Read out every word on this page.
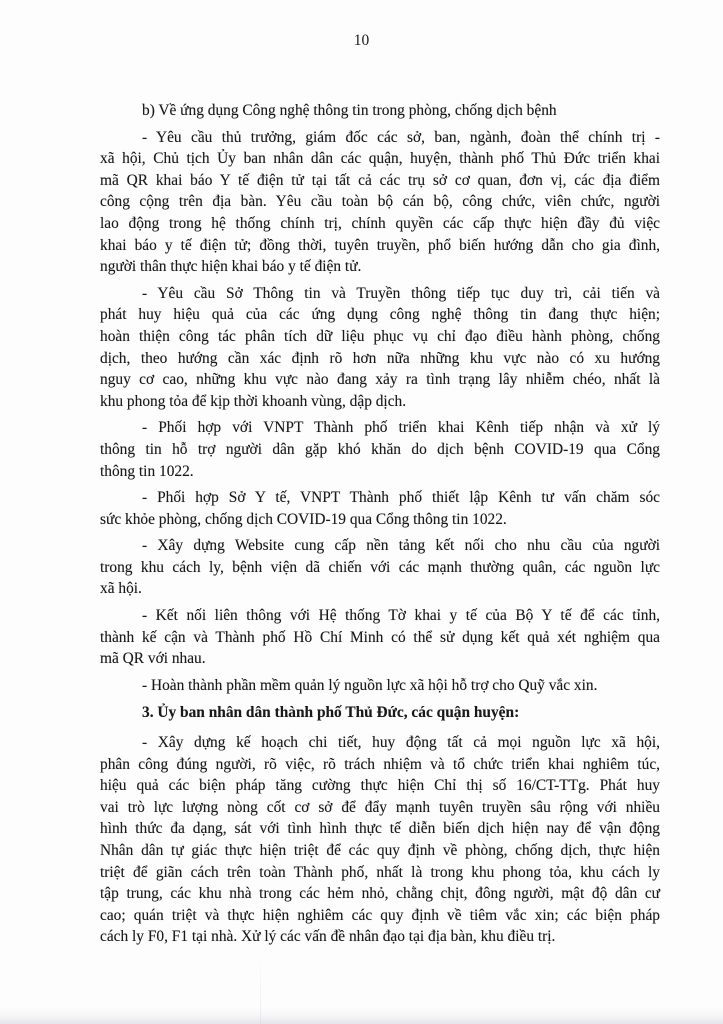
10
b) Về ứng dụng Công nghệ thông tin trong phòng, chống dịch bệnh
- Yêu cầu thủ trưởng, giám đốc các sở, ban, ngành, đoàn thể chính trị -
xã hội, Chủ tịch Ủy ban nhân dân các quận, huyện, thành phố Thủ Đức triển khai
mã QR khai báo Y tế điện tử tại tất cả các trụ sở cơ quan, đơn vị, các địa điểm
công cộng trên địa bàn. Yêu cầu toàn bộ cán bộ, công chức, viên chức, người
lao động trong hệ thống chính trị, chính quyền các cấp thực hiện đầy đủ việc
khai báo y tế điện tử; đồng thời, tuyên truyền, phổ biến hướng dẫn cho gia đình,
người thân thực hiện khai báo y tế điện tử.
- Yêu cầu Sở Thông tin và Truyền thông tiếp tục duy trì, cải tiến và
phát huy hiệu quả của các ứng dụng công nghệ thông tin đang thực hiện;
hoàn thiện công tác phân tích dữ liệu phục vụ chỉ đạo điều hành phòng, chống
dịch, theo hướng cần xác định rõ hơn nữa những khu vực nào có xu hướng
nguy cơ cao, những khu vực nào đang xảy ra tình trạng lây nhiễm chéo, nhất là
khu phong tỏa để kịp thời khoanh vùng, dập dịch.
- Phối hợp với VNPT Thành phố triển khai Kênh tiếp nhận và xử lý
thông tin hỗ trợ người dân gặp khó khăn do dịch bệnh COVID-19 qua Cổng
thông tin 1022.
- Phối hợp Sở Y tế, VNPT Thành phố thiết lập Kênh tư vấn chăm sóc
sức khỏe phòng, chống dịch COVID-19 qua Cổng thông tin 1022.
- Xây dựng Website cung cấp nền tảng kết nối cho nhu cầu của người
trong khu cách ly, bệnh viện dã chiến với các mạnh thường quân, các nguồn lực
xã hội.
- Kết nối liên thông với Hệ thống Tờ khai y tế của Bộ Y tế để các tỉnh,
thành kế cận và Thành phố Hồ Chí Minh có thể sử dụng kết quả xét nghiệm qua
mã QR với nhau.
- Hoàn thành phần mềm quản lý nguồn lực xã hội hỗ trợ cho Quỹ vắc xin.
3. Ủy ban nhân dân thành phố Thủ Đức, các quận huyện:
- Xây dựng kế hoạch chi tiết, huy động tất cả mọi nguồn lực xã hội,
phân công đúng người, rõ việc, rõ trách nhiệm và tổ chức triển khai nghiêm túc,
hiệu quả các biện pháp tăng cường thực hiện Chỉ thị số 16/CT-TTg. Phát huy
vai trò lực lượng nòng cốt cơ sở để đẩy mạnh tuyên truyền sâu rộng với nhiều
hình thức đa dạng, sát với tình hình thực tế diễn biến dịch hiện nay để vận động
Nhân dân tự giác thực hiện triệt để các quy định về phòng, chống dịch, thực hiện
triệt để giãn cách trên toàn Thành phố, nhất là trong khu phong tỏa, khu cách ly
tập trung, các khu nhà trong các hẻm nhỏ, chằng chịt, đông người, mật độ dân cư
cao; quán triệt và thực hiện nghiêm các quy định về tiêm vắc xin; các biện pháp
cách ly F0, F1 tại nhà. Xử lý các vấn đề nhân đạo tại địa bàn, khu điều trị.
